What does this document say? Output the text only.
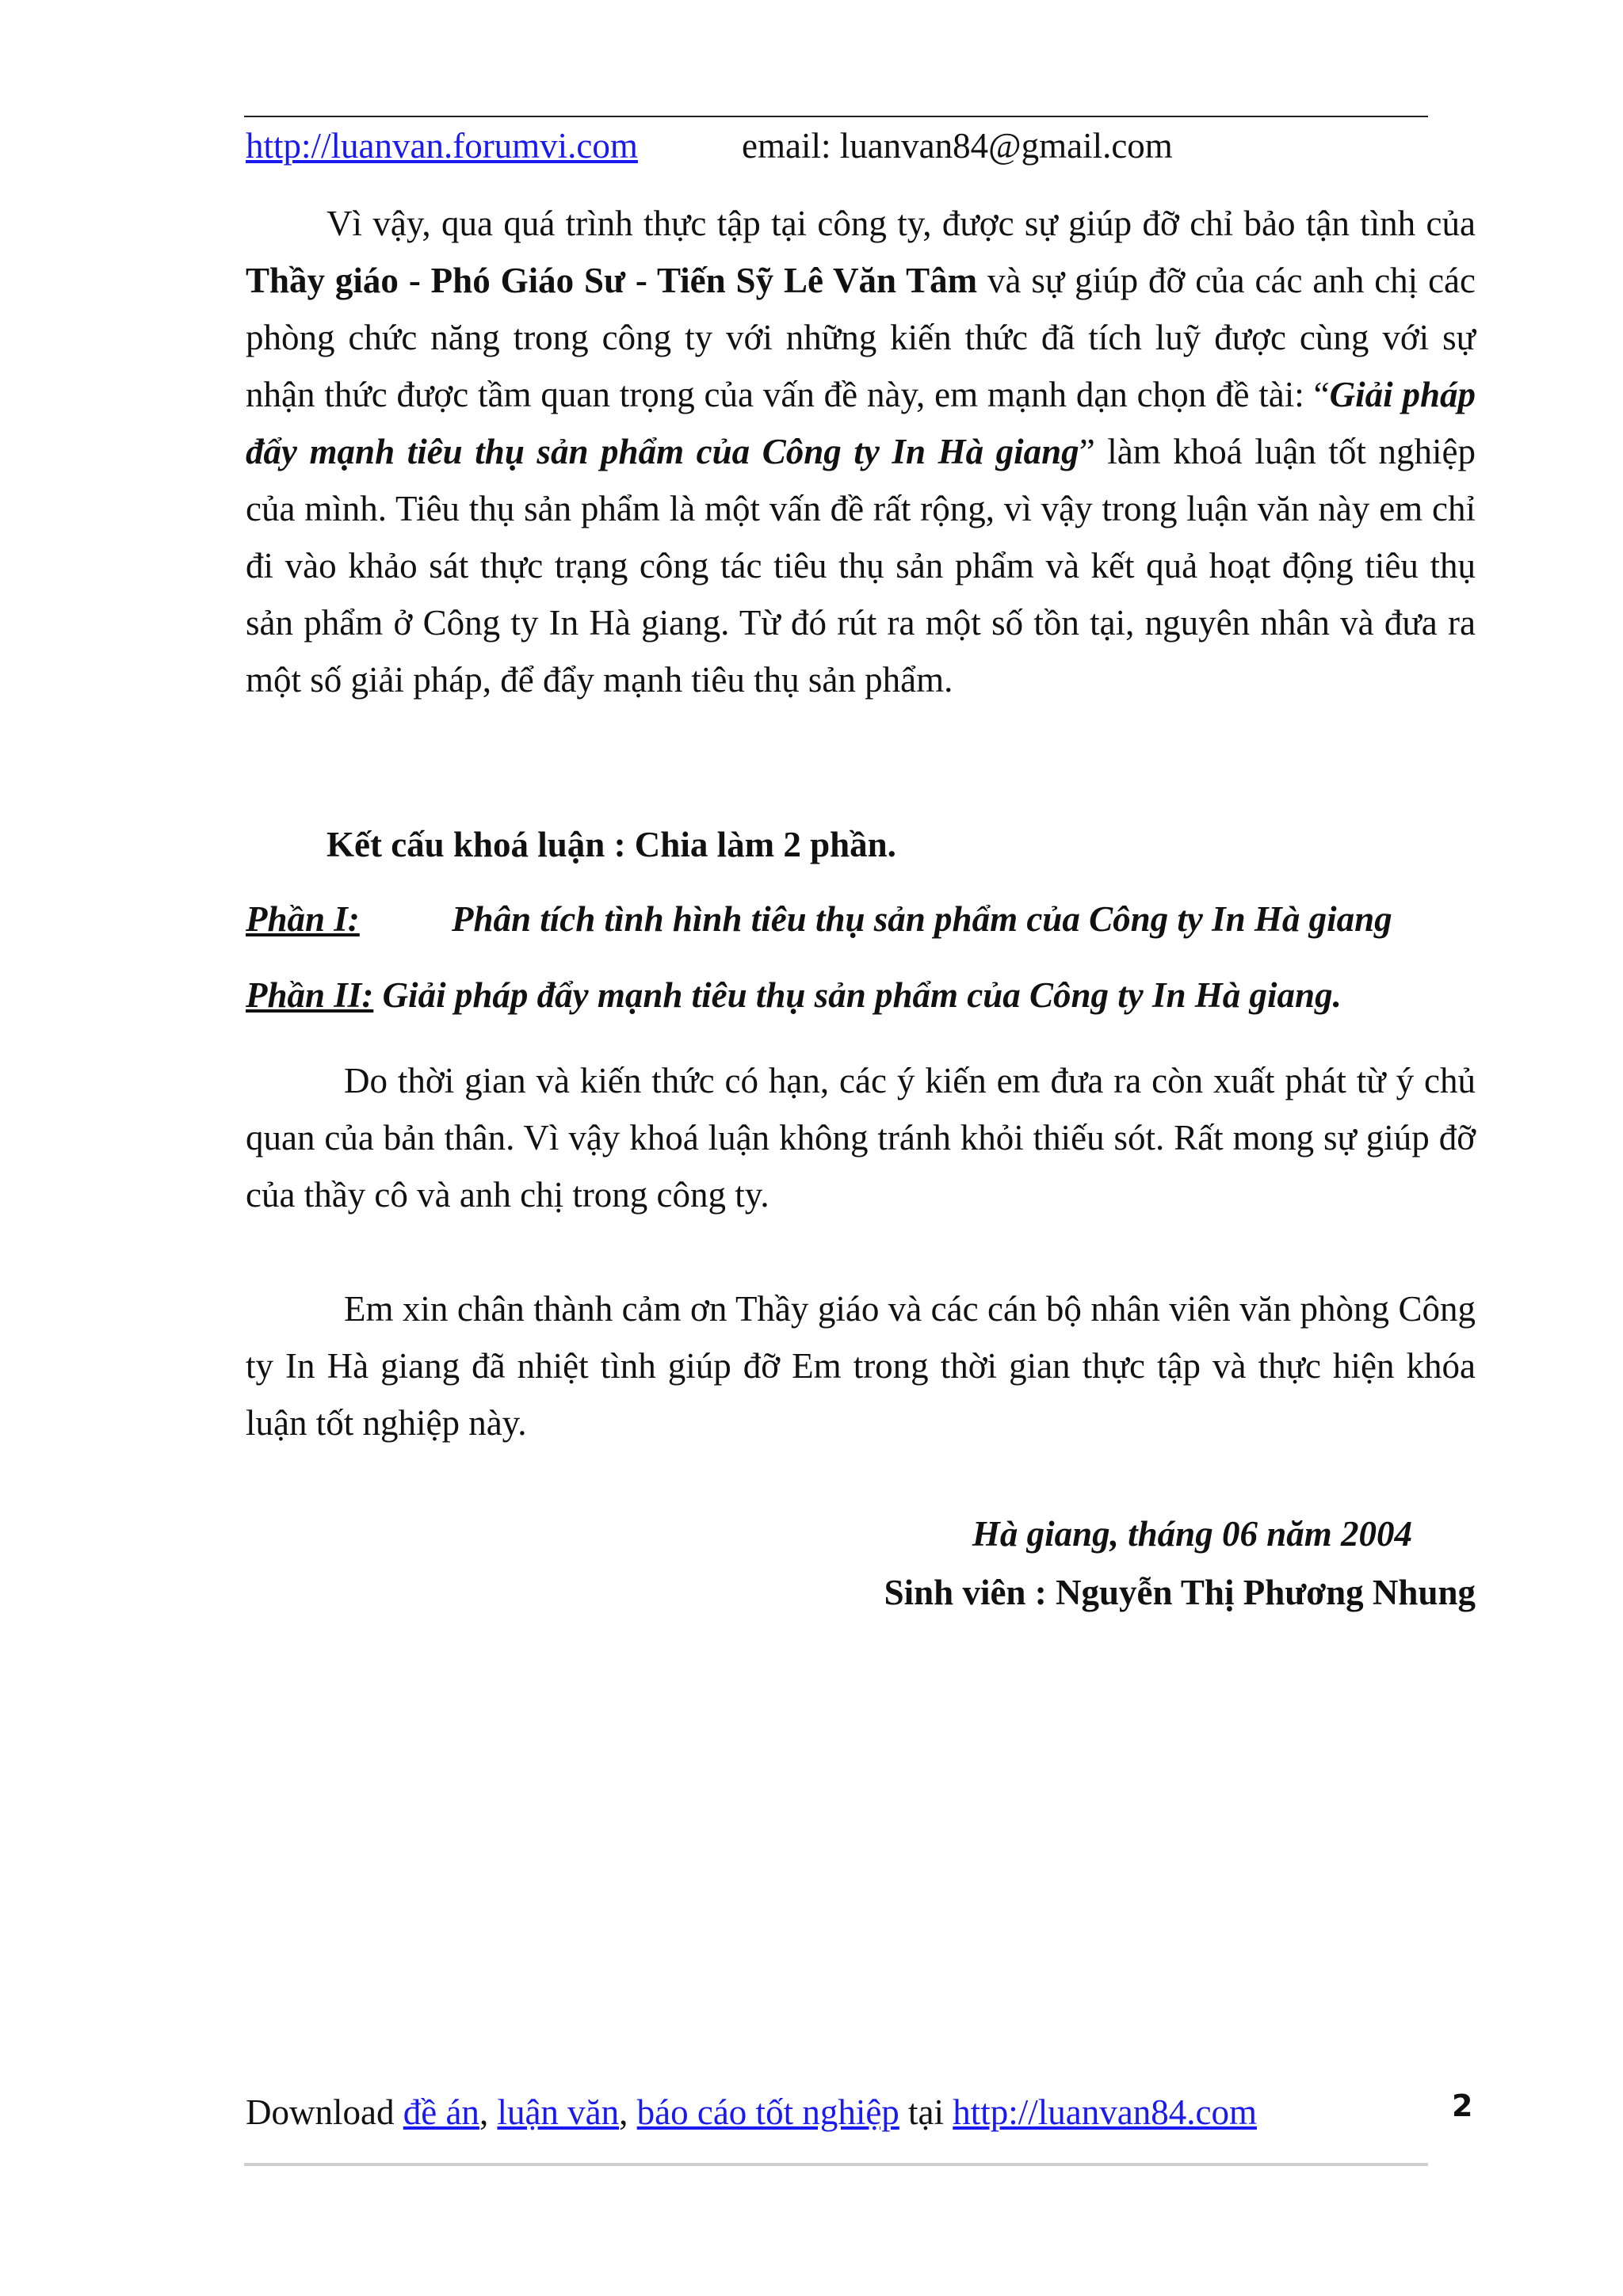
http://luanvan.forumvi.com	email: luanvan84@gmail.com

Vì vậy, qua quá trình thực tập tại công ty, được sự giúp đỡ chỉ bảo tận tình của Thầy giáo - Phó Giáo Sư - Tiến Sỹ Lê Văn Tâm và sự giúp đỡ của các anh chị các phòng chức năng trong công ty với những kiến thức đã tích luỹ được cùng với sự nhận thức được tầm quan trọng của vấn đề này, em mạnh dạn chọn đề tài: “Giải pháp đẩy mạnh tiêu thụ sản phẩm của Công ty In Hà giang” làm khoá luận tốt nghiệp của mình. Tiêu thụ sản phẩm là một vấn đề rất rộng, vì vậy trong luận văn này em chỉ đi vào khảo sát thực trạng công tác tiêu thụ sản phẩm và kết quả hoạt động tiêu thụ sản phẩm ở Công ty In Hà giang. Từ đó rút ra một số tồn tại, nguyên nhân và đưa ra một số giải pháp, để đẩy mạnh tiêu thụ sản phẩm.

Kết cấu khoá luận : Chia làm 2 phần.
Phần I:	Phân tích tình hình tiêu thụ sản phẩm của Công ty In Hà giang
Phần II: Giải pháp đẩy mạnh tiêu thụ sản phẩm của Công ty In Hà giang.

Do thời gian và kiến thức có hạn, các ý kiến em đưa ra còn xuất phát từ ý chủ quan của bản thân. Vì vậy khoá luận không tránh khỏi thiếu sót. Rất mong sự giúp đỡ của thầy cô và anh chị trong công ty.

Em xin chân thành cảm ơn Thầy giáo và các cán bộ nhân viên văn phòng Công ty In Hà giang đã nhiệt tình giúp đỡ Em trong thời gian thực tập và thực hiện khóa luận tốt nghiệp này.

Hà giang, tháng 06 năm 2004
Sinh viên : Nguyễn Thị Phương Nhung
Download đề án, luận văn, báo cáo tốt nghiệp tại http://luanvan84.com	2
